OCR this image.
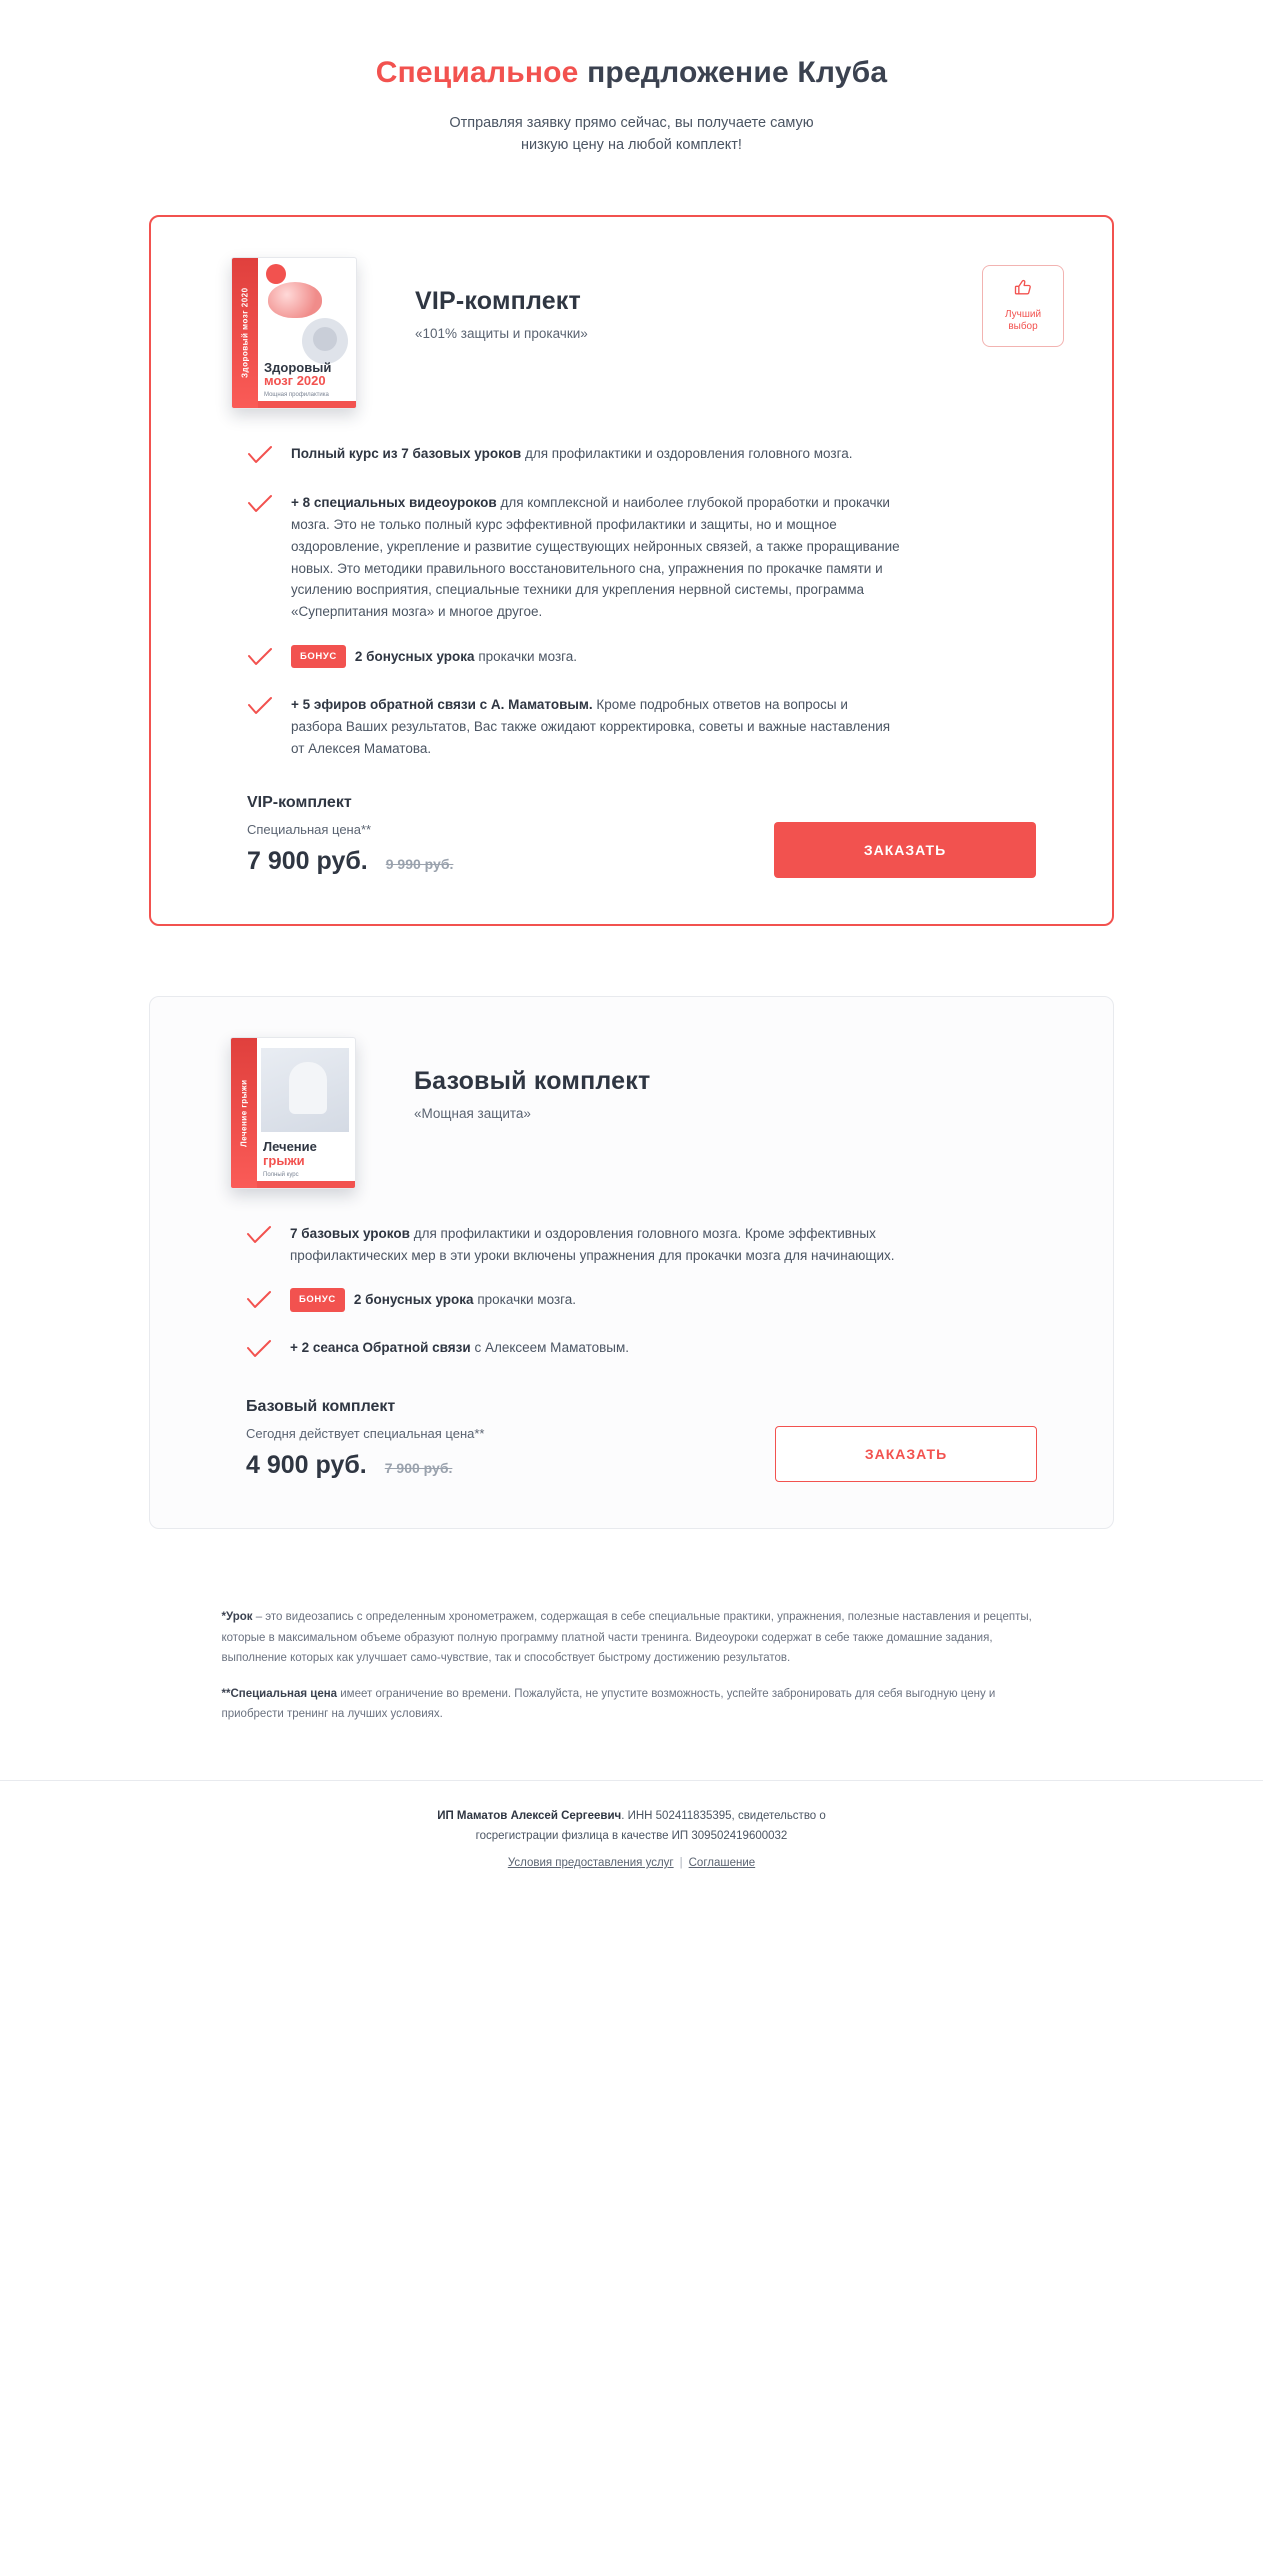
Специальное предложение Клуба
Отправляя заявку прямо сейчас, вы получаете самую
низкую цену на любой комплект!
Здоровый мозг 2020	Здоровый
мозг 2020
Мощная профилактика
VIP-комплект
«101% защиты и прокачки»
Лучший
выбор

Полный курс из 7 базовых уроков для профилактики и оздоровления головного мозга.

+ 8 специальных видеоуроков для комплексной и наиболее глубокой проработки и прокачки мозга. Это не только полный курс эффективной профилактики и защиты, но и мощное оздоровление, укрепление и развитие существующих нейронных связей, а также проращивание новых. Это методики правильного восстановительного сна, упражнения по прокачке памяти и усилению восприятия, специальные техники для укрепления нервной системы, программа «Суперпитания мозга» и многое другое.

БОНУС 2 бонусных урока прокачки мозга.

+ 5 эфиров обратной связи с А. Маматовым. Кроме подробных ответов на вопросы и разбора Ваших результатов, Вас также ожидают корректировка, советы и важные наставления от Алексея Маматова.

VIP-комплект
Специальная цена**
7 900 руб. 9 990 руб.
ЗАКАЗАТЬ
Лечение грыжи
Лечение
грыжи
Полный курс
Базовый комплект
«Мощная защита»

7 базовых уроков для профилактики и оздоровления головного мозга. Кроме эффективных профилактических мер в эти уроки включены упражнения для прокачки мозга для начинающих.

БОНУС 2 бонусных урока прокачки мозга.

+ 2 сеанса Обратной связи с Алексеем Маматовым.

Базовый комплект
Сегодня действует специальная цена**
4 900 руб. 7 900 руб.
ЗАКАЗАТЬ

*Урок – это видеозапись с определенным хронометражем, содержащая в себе специальные практики, упражнения, полезные наставления и рецепты, которые в максимальном объеме образуют полную программу платной части тренинга. Видеоуроки содержат в себе также домашние задания, выполнение которых как улучшает само-чувствие, так и способствует быстрому достижению результатов.

**Специальная цена имеет ограничение во времени. Пожалуйста, не упустите возможность, успейте забронировать для себя выгодную цену и приобрести тренинг на лучших условиях.

ИП Маматов Алексей Сергеевич. ИНН 502411835395, свидетельство о
госрегистрации физлица в качестве ИП 309502419600032
Условия предоставления услуг | Соглашение
